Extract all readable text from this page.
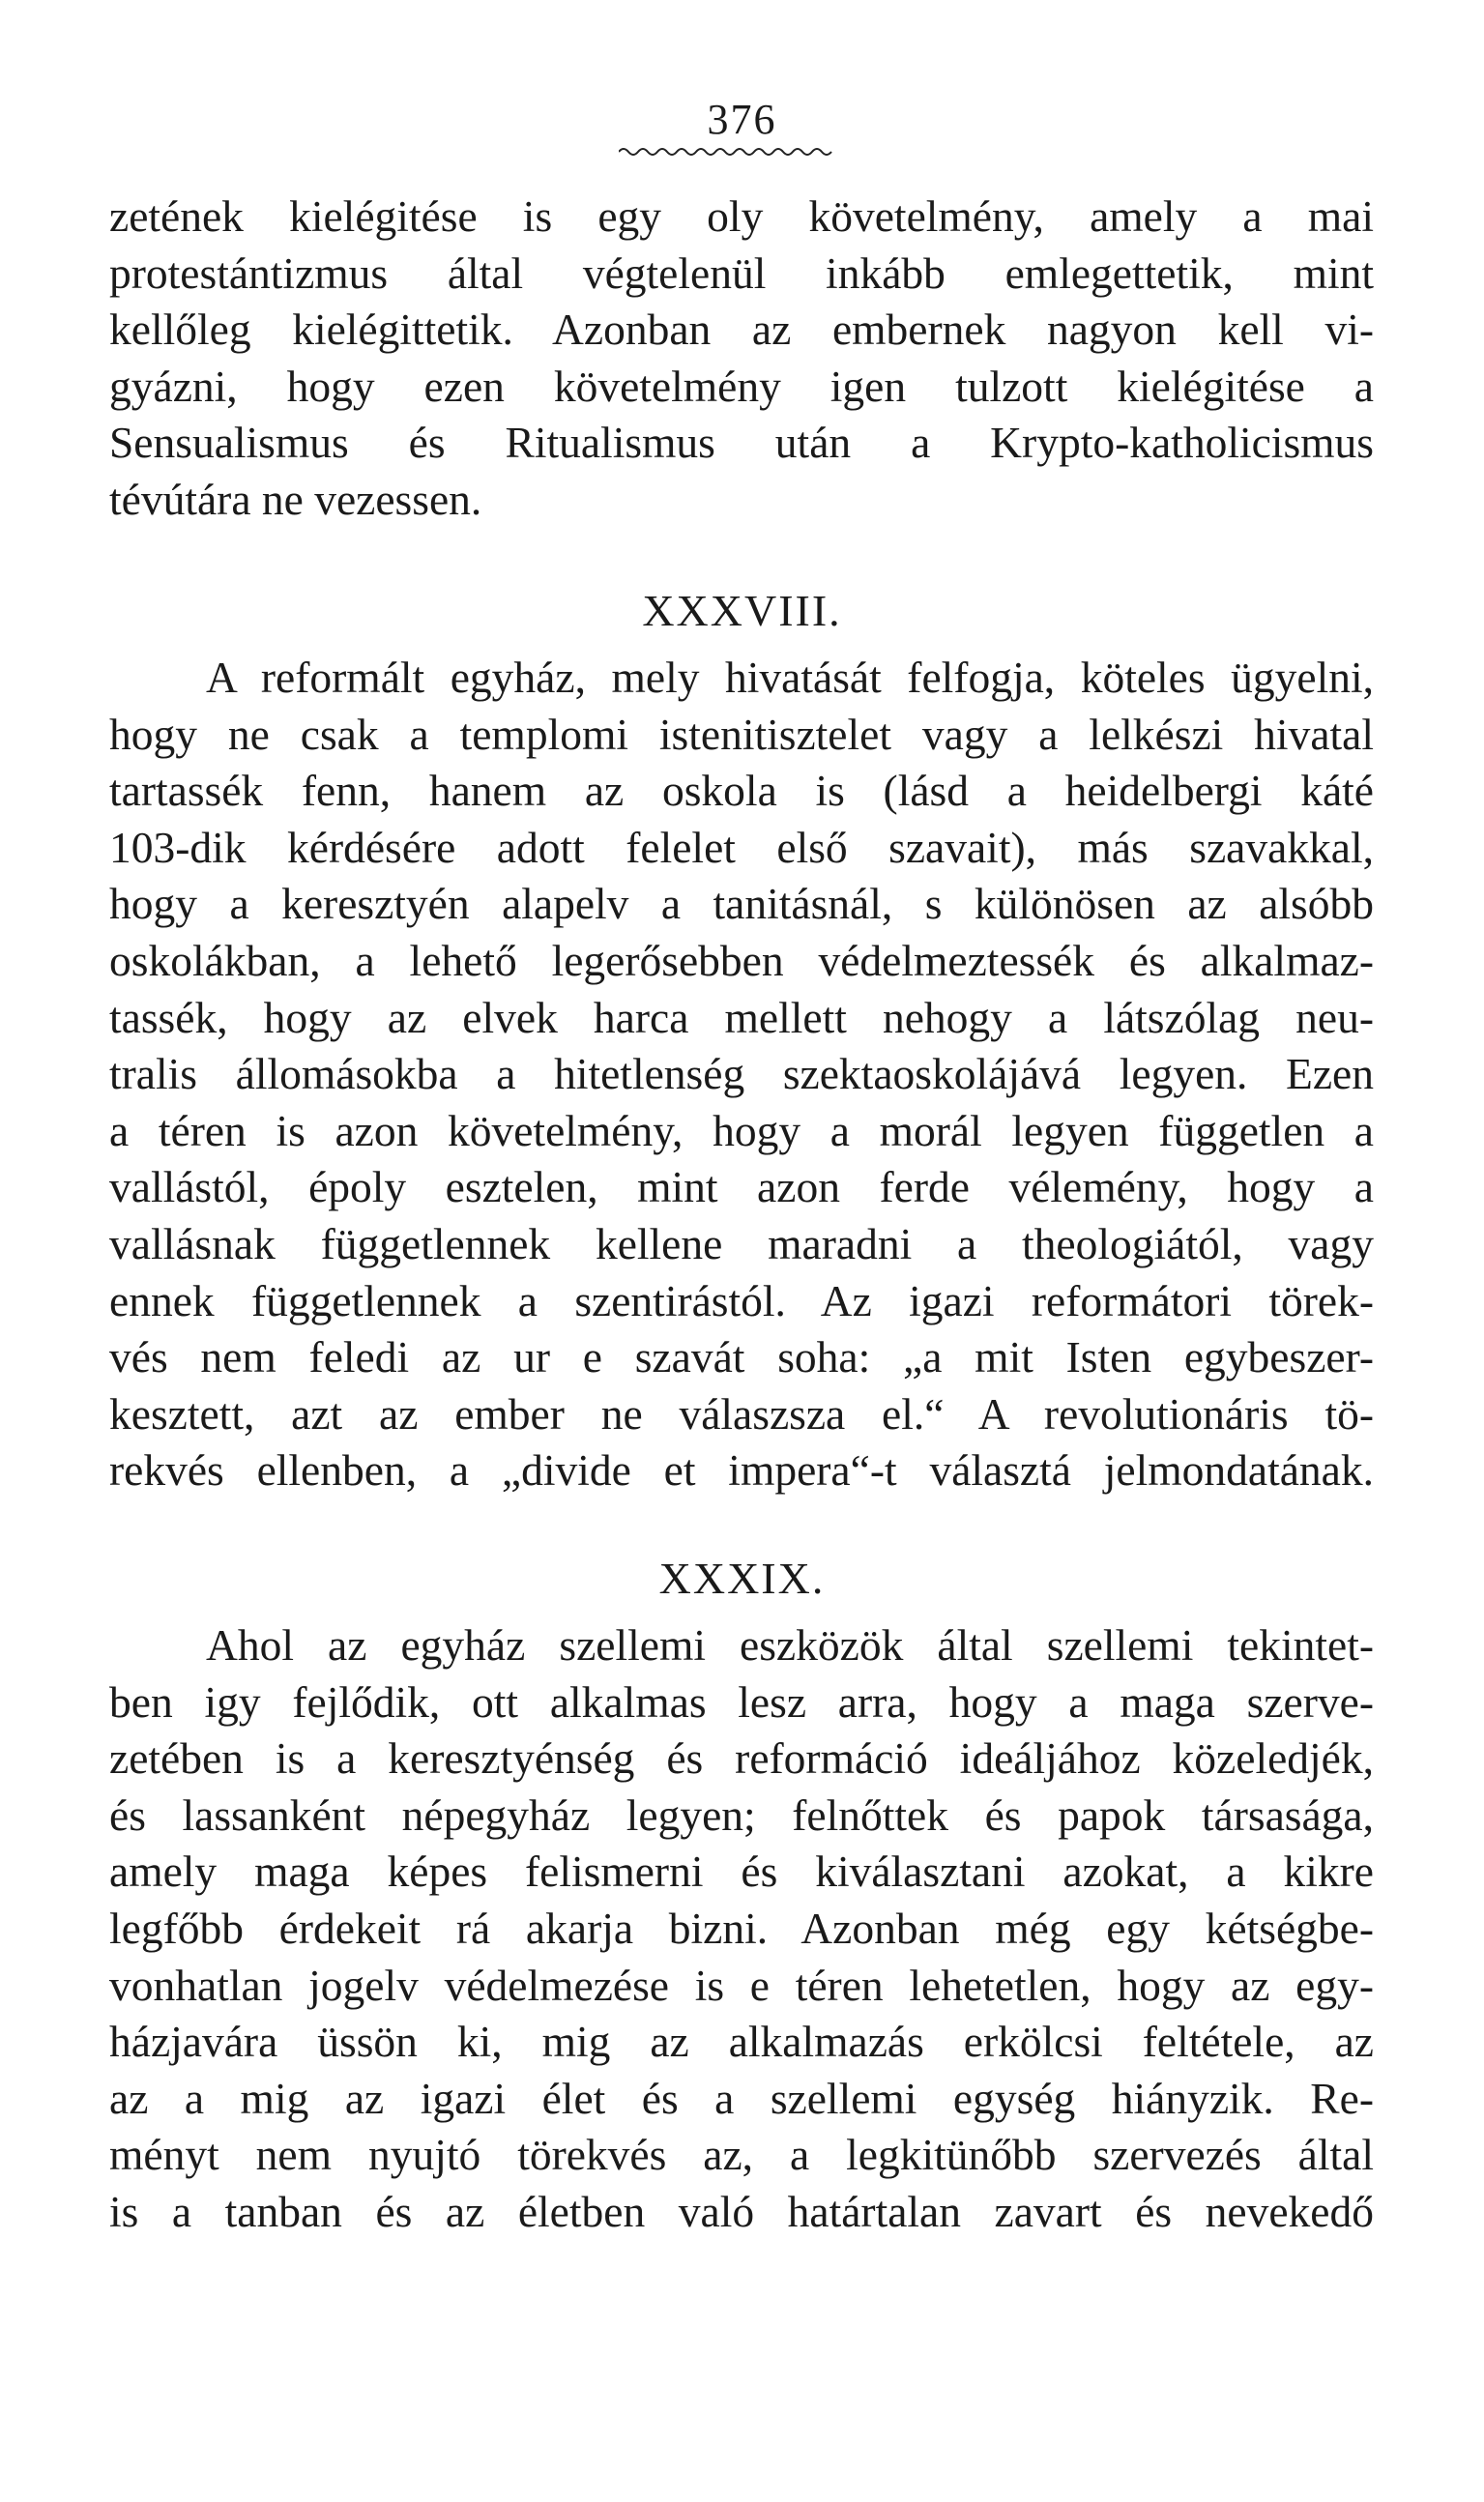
376
zetének kielégitése is egy oly követelmény, amely a mai
protestántizmus által végtelenül inkább emlegettetik, mint
kellőleg kielégittetik. Azonban az embernek nagyon kell vi-
gyázni, hogy ezen követelmény igen tulzott kielégitése a
Sensualismus és Ritualismus után a Krypto-katholicismus
tévútára ne vezessen.
XXXVIII.
A reformált egyház, mely hivatását felfogja, köteles ügyelni,
hogy ne csak a templomi istenitisztelet vagy a lelkészi hivatal
tartassék fenn, hanem az oskola is (lásd a heidelbergi káté
103-dik kérdésére adott felelet első szavait), más szavakkal,
hogy a keresztyén alapelv a tanitásnál, s különösen az alsóbb
oskolákban, a lehető legerősebben védelmeztessék és alkalmaz-
tassék, hogy az elvek harca mellett nehogy a látszólag neu-
tralis állomásokba a hitetlenség szektaoskolájává legyen. Ezen
a téren is azon követelmény, hogy a morál legyen független a
vallástól, époly esztelen, mint azon ferde vélemény, hogy a
vallásnak függetlennek kellene maradni a theologiától, vagy
ennek függetlennek a szentirástól. Az igazi reformátori törek-
vés nem feledi az ur e szavát soha: „a mit Isten egybeszer-
kesztett, azt az ember ne válaszsza el.“ A revolutionáris tö-
rekvés ellenben, a „divide et impera“-t választá jelmondatának.
XXXIX.
Ahol az egyház szellemi eszközök által szellemi tekintet-
ben igy fejlődik, ott alkalmas lesz arra, hogy a maga szerve-
zetében is a keresztyénség és reformáció ideáljához közeledjék,
és lassanként népegyház legyen; felnőttek és papok társasága,
amely maga képes felismerni és kiválasztani azokat, a kikre
legfőbb érdekeit rá akarja bizni. Azonban még egy kétségbe-
vonhatlan jogelv védelmezése is e téren lehetetlen, hogy az egy-
házjavára üssön ki, mig az alkalmazás erkölcsi feltétele, az
az a mig az igazi élet és a szellemi egység hiányzik. Re-
ményt nem nyujtó törekvés az, a legkitünőbb szervezés által
is a tanban és az életben való határtalan zavart és nevekedő
